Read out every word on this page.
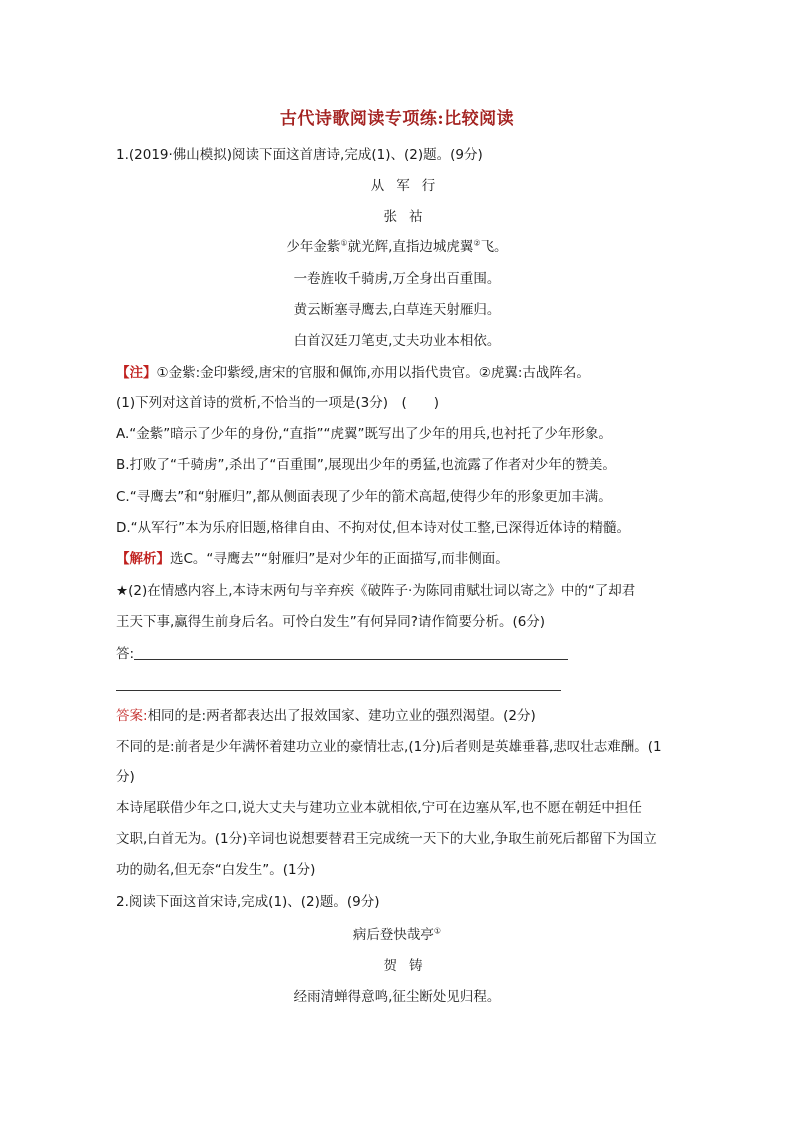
古代诗歌阅读专项练:比较阅读
1.(2019·佛山模拟)阅读下面这首唐诗,完成(1)、(2)题。(9分)
从军行
张祜
少年金紫①就光辉,直指边城虎翼②飞。
一卷旌收千骑虏,万全身出百重围。
黄云断塞寻鹰去,白草连天射雁归。
白首汉廷刀笔吏,丈夫功业本相依。
【注】①金紫:金印紫绶,唐宋的官服和佩饰,亦用以指代贵官。②虎翼:古战阵名。
(1)下列对这首诗的赏析,不恰当的一项是(3分)　(　　)
A.“金紫”暗示了少年的身份,“直指”“虎翼”既写出了少年的用兵,也衬托了少年形象。
B.打败了“千骑虏”,杀出了“百重围”,展现出少年的勇猛,也流露了作者对少年的赞美。
C.“寻鹰去”和“射雁归”,都从侧面表现了少年的箭术高超,使得少年的形象更加丰满。
D.“从军行”本为乐府旧题,格律自由、不拘对仗,但本诗对仗工整,已深得近体诗的精髓。
【解析】选C。“寻鹰去”“射雁归”是对少年的正面描写,而非侧面。
★(2)在情感内容上,本诗末两句与辛弃疾《破阵子·为陈同甫赋壮词以寄之》中的“了却君
王天下事,赢得生前身后名。可怜白发生”有何异同?请作简要分析。(6分)
答:
答案:相同的是:两者都表达出了报效国家、建功立业的强烈渴望。(2分)
不同的是:前者是少年满怀着建功立业的豪情壮志,(1分)后者则是英雄垂暮,悲叹壮志难酬。(1
分)
本诗尾联借少年之口,说大丈夫与建功立业本就相依,宁可在边塞从军,也不愿在朝廷中担任
文职,白首无为。(1分)辛词也说想要替君王完成统一天下的大业,争取生前死后都留下为国立
功的勋名,但无奈“白发生”。(1分)
2.阅读下面这首宋诗,完成(1)、(2)题。(9分)
病后登快哉亭①
贺铸
经雨清蝉得意鸣,征尘断处见归程。
